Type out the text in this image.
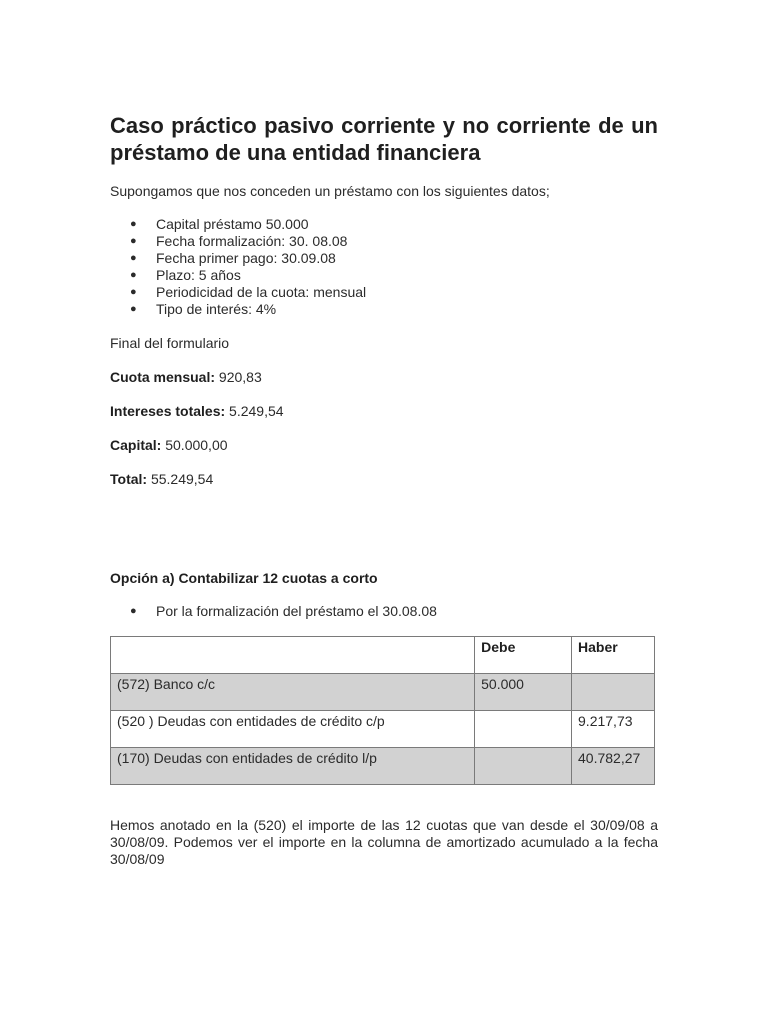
Caso práctico pasivo corriente y no corriente de un préstamo de una entidad financiera

Supongamos que nos conceden un préstamo con los siguientes datos;

● Capital préstamo 50.000
● Fecha formalización: 30. 08.08
● Fecha primer pago: 30.09.08
● Plazo: 5 años
● Periodicidad de la cuota: mensual
● Tipo de interés: 4%

Final del formulario

Cuota mensual: 920,83

Intereses totales: 5.249,54

Capital: 50.000,00

Total: 55.249,54

Opción a) Contabilizar 12 cuotas a corto

● Por la formalización del préstamo el 30.08.08
	Debe	Haber
(572) Banco c/c	50.000	
(520 ) Deudas con entidades de crédito c/p		9.217,73
(170) Deudas con entidades de crédito l/p		40.782,27

Hemos anotado en la (520) el importe de las 12 cuotas que van desde el 30/09/08 a 30/08/09. Podemos ver el importe en la columna de amortizado acumulado a la fecha 30/08/09
